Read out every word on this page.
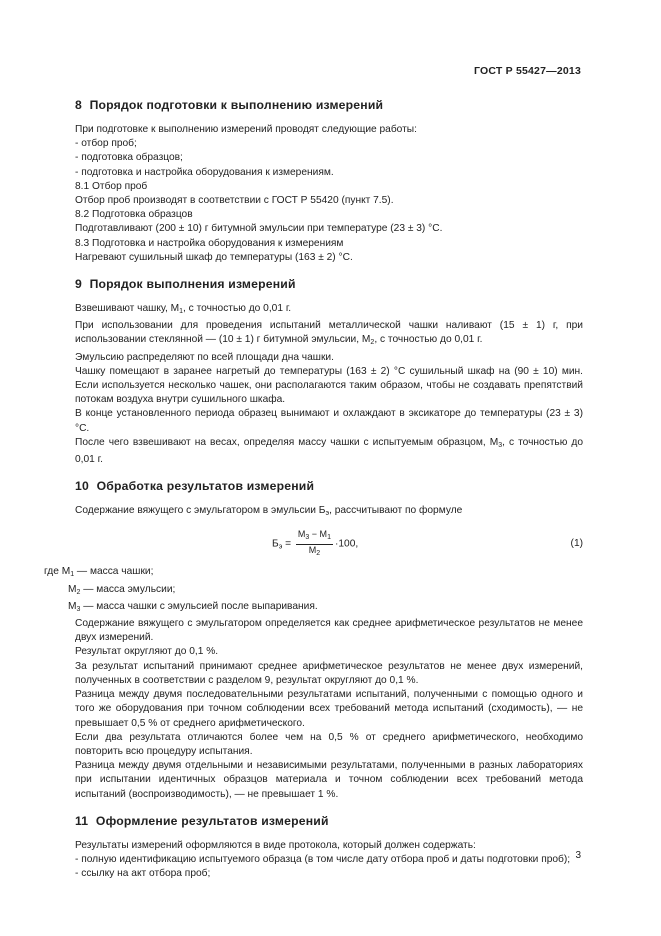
ГОСТ Р 55427—2013
8 Порядок подготовки к выполнению измерений

При подготовке к выполнению измерений проводят следующие работы:

- отбор проб;

- подготовка образцов;

- подготовка и настройка оборудования к измерениям.

8.1 Отбор проб

Отбор проб производят в соответствии с ГОСТ Р 55420 (пункт 7.5).

8.2 Подготовка образцов

Подготавливают (200 ± 10) г битумной эмульсии при температуре (23 ± 3) °С.

8.3 Подготовка и настройка оборудования к измерениям

Нагревают сушильный шкаф до температуры (163 ± 2) °С.

9 Порядок выполнения измерений

Взвешивают чашку, $М_1$, с точностью до 0,01 г.

При использовании для проведения испытаний металлической чашки наливают (15 ± 1) г, при использовании стеклянной — (10 ± 1) г битумной эмульсии, $М_2$, с точностью до 0,01 г.

Эмульсию распределяют по всей площади дна чашки.

Чашку помещают в заранее нагретый до температуры (163 ± 2) °С сушильный шкаф на (90 ± 10) мин. Если используется несколько чашек, они располагаются таким образом, чтобы не создавать препятствий потокам воздуха внутри сушильного шкафа.

В конце установленного периода образец вынимают и охлаждают в эксикаторе до температуры (23 ± 3) °С.

После чего взвешивают на весах, определяя массу чашки с испытуемым образцом, $М_3$, с точностью до 0,01 г.

10 Обработка результатов измерений

Содержание вяжущего с эмульгатором в эмульсии $Б_э$, рассчитывают по формуле

$Б_э = \frac{М_3 - М_1}{М_2} \cdot 100$,	(1)

где $М_1$ — масса чашки;

$М_2$ — масса эмульсии;

$М_3$ — масса чашки с эмульсией после выпаривания.

Содержание вяжущего с эмульгатором определяется как среднее арифметическое результатов не менее двух измерений.

Результат округляют до 0,1 %.

За результат испытаний принимают среднее арифметическое результатов не менее двух измерений, полученных в соответствии с разделом 9, результат округляют до 0,1 %.

Разница между двумя последовательными результатами испытаний, полученными с помощью одного и того же оборудования при точном соблюдении всех требований метода испытаний (сходимость), — не превышает 0,5 % от среднего арифметического.

Если два результата отличаются более чем на 0,5 % от среднего арифметического, необходимо повторить всю процедуру испытания.

Разница между двумя отдельными и независимыми результатами, полученными в разных лабораториях при испытании идентичных образцов материала и точном соблюдении всех требований метода испытаний (воспроизводимость), — не превышает 1 %.

11 Оформление результатов измерений

Результаты измерений оформляются в виде протокола, который должен содержать:

- полную идентификацию испытуемого образца (в том числе дату отбора проб и даты подготовки проб);

- ссылку на акт отбора проб;

3
